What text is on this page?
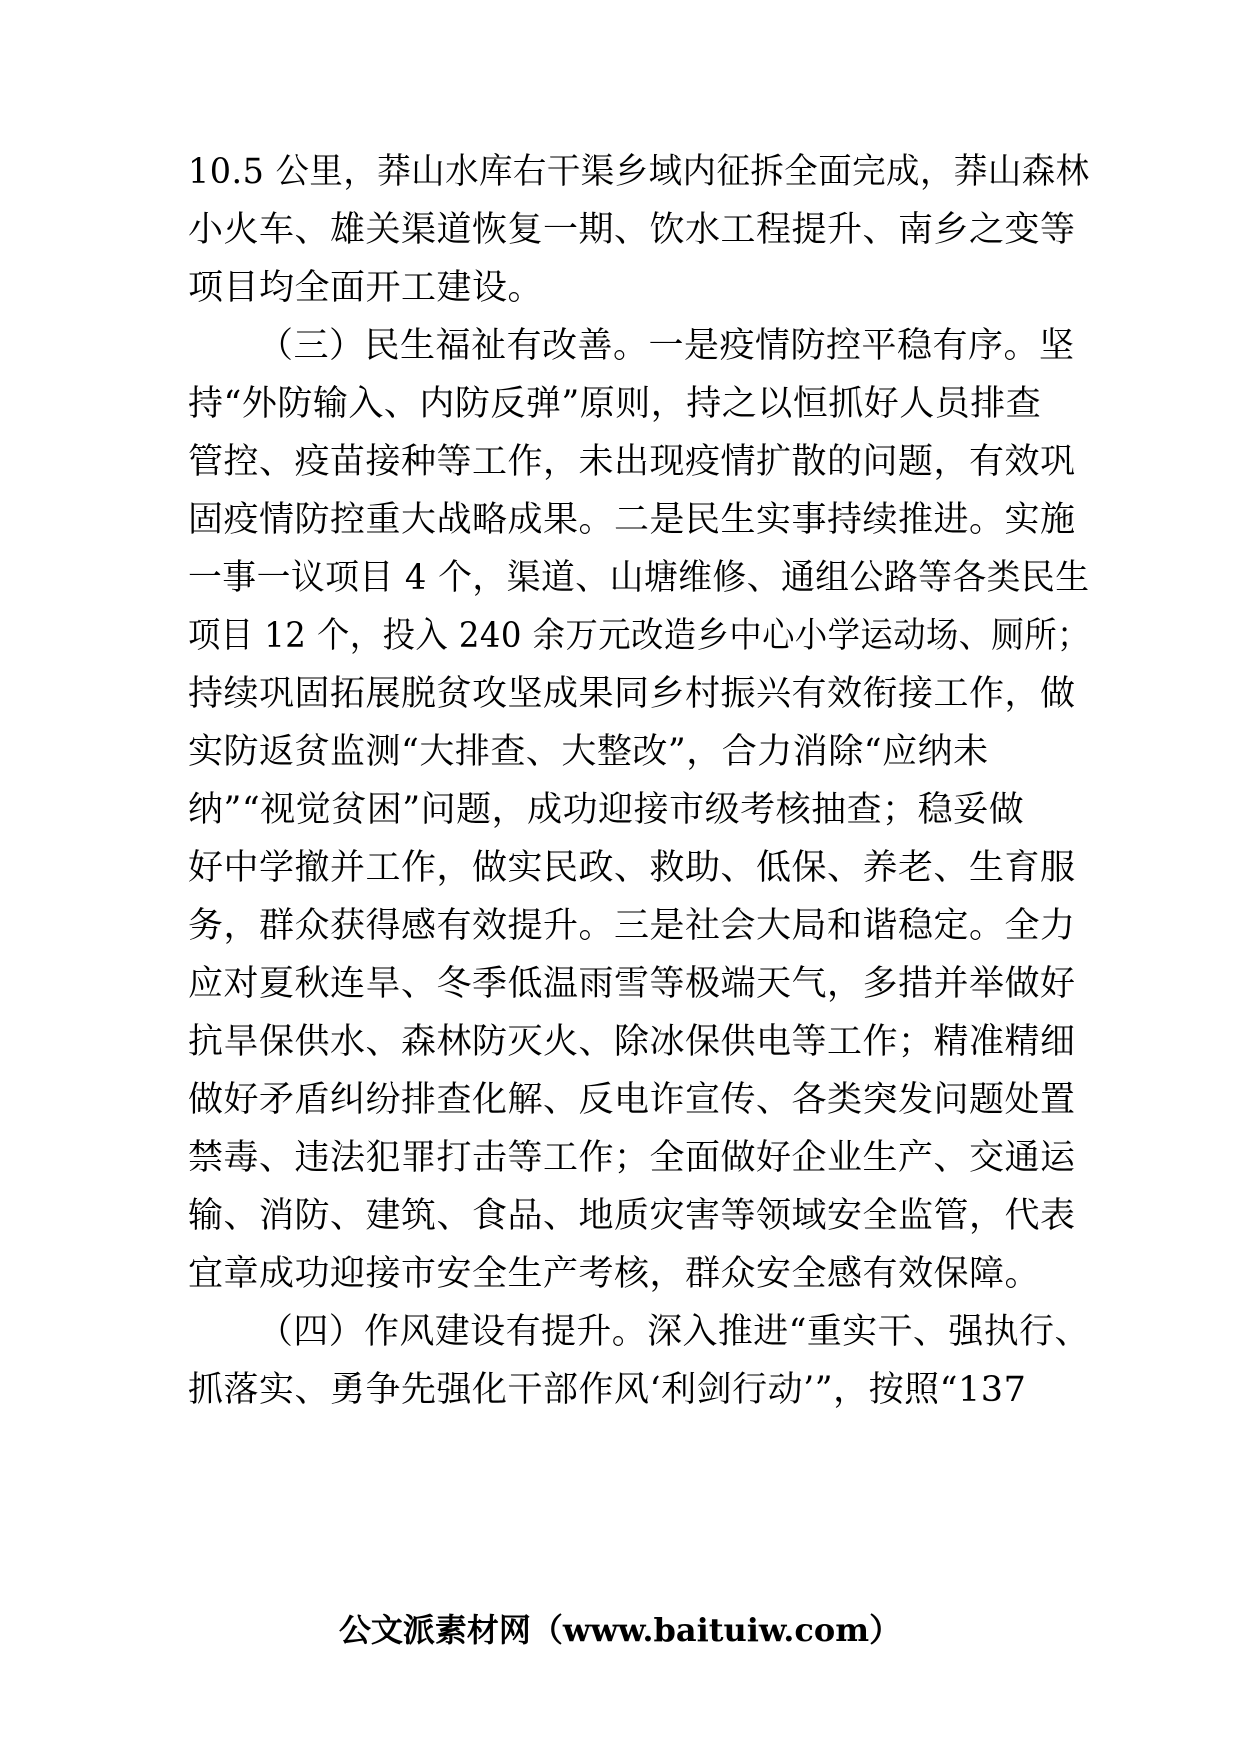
10.5 公里，莽山水库右干渠乡域内征拆全面完成，莽山森林
小火车、雄关渠道恢复一期、饮水工程提升、南乡之变等
项目均全面开工建设。
（三）民生福祉有改善。一是疫情防控平稳有序。坚
持“外防输入、内防反弹”原则，持之以恒抓好人员排查
管控、疫苗接种等工作，未出现疫情扩散的问题，有效巩
固疫情防控重大战略成果。二是民生实事持续推进。实施
一事一议项目 4 个，渠道、山塘维修、通组公路等各类民生
项目 12 个，投入 240 余万元改造乡中心小学运动场、厕所；
持续巩固拓展脱贫攻坚成果同乡村振兴有效衔接工作，做
实防返贫监测“大排查、大整改”，合力消除“应纳未
纳”“视觉贫困”问题，成功迎接市级考核抽查；稳妥做
好中学撤并工作，做实民政、救助、低保、养老、生育服
务，群众获得感有效提升。三是社会大局和谐稳定。全力
应对夏秋连旱、冬季低温雨雪等极端天气，多措并举做好
抗旱保供水、森林防灭火、除冰保供电等工作；精准精细
做好矛盾纠纷排查化解、反电诈宣传、各类突发问题处置
禁毒、违法犯罪打击等工作；全面做好企业生产、交通运
输、消防、建筑、食品、地质灾害等领域安全监管，代表
宜章成功迎接市安全生产考核，群众安全感有效保障。
（四）作风建设有提升。深入推进“重实干、强执行、
抓落实、勇争先强化干部作风‘利剑行动’”，按照“137
公文派素材网（www.baituiw.com）
